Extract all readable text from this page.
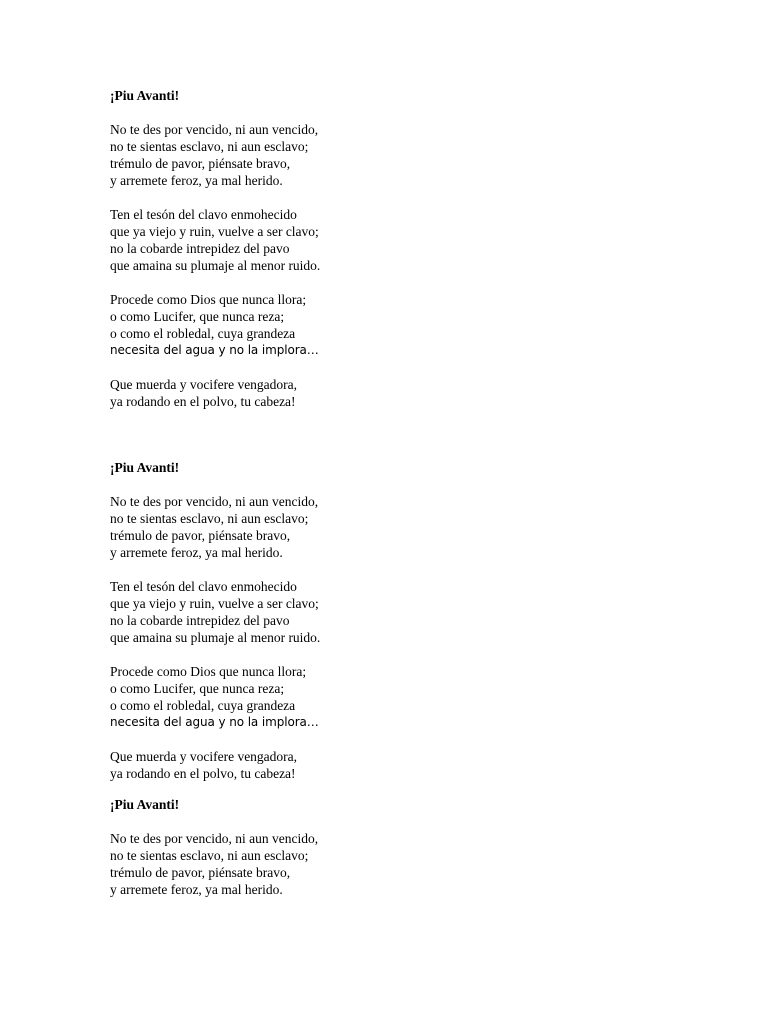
¡Piu Avanti!
No te des por vencido, ni aun vencido,
no te sientas esclavo, ni aun esclavo;
trémulo de pavor, piénsate bravo,
y arremete feroz, ya mal herido.
Ten el tesón del clavo enmohecido
que ya viejo y ruin, vuelve a ser clavo;
no la cobarde intrepidez del pavo
que amaina su plumaje al menor ruido.
Procede como Dios que nunca llora;
o como Lucifer, que nunca reza;
o como el robledal, cuya grandeza
necesita del agua y no la implora…
Que muerda y vocifere vengadora,
ya rodando en el polvo, tu cabeza!
¡Piu Avanti!
No te des por vencido, ni aun vencido,
no te sientas esclavo, ni aun esclavo;
trémulo de pavor, piénsate bravo,
y arremete feroz, ya mal herido.
Ten el tesón del clavo enmohecido
que ya viejo y ruin, vuelve a ser clavo;
no la cobarde intrepidez del pavo
que amaina su plumaje al menor ruido.
Procede como Dios que nunca llora;
o como Lucifer, que nunca reza;
o como el robledal, cuya grandeza
necesita del agua y no la implora…
Que muerda y vocifere vengadora,
ya rodando en el polvo, tu cabeza!
¡Piu Avanti!
No te des por vencido, ni aun vencido,
no te sientas esclavo, ni aun esclavo;
trémulo de pavor, piénsate bravo,
y arremete feroz, ya mal herido.
